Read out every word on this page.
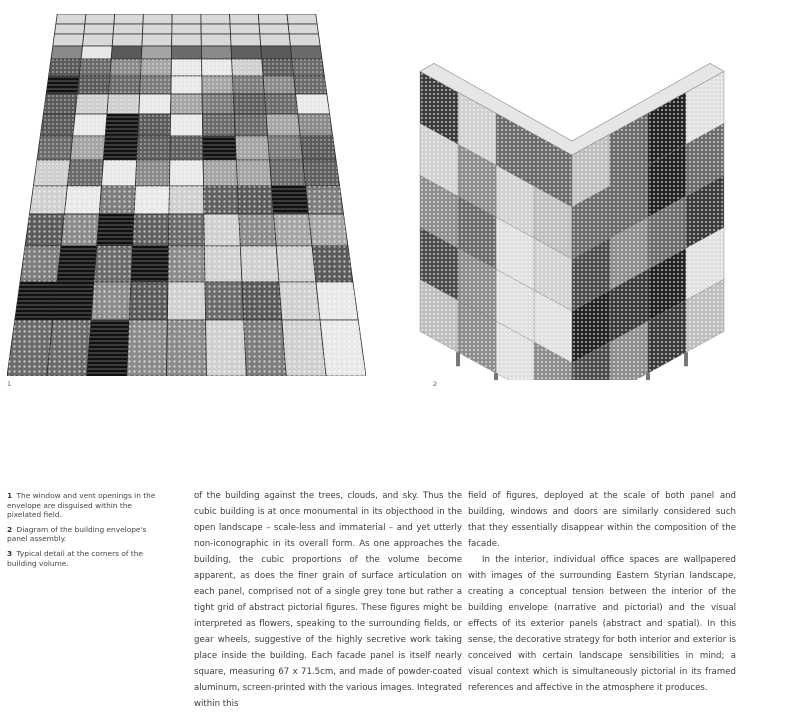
1	2

1 The window and vent openings in the envelope are disguised within the pixelated field.

2 Diagram of the building envelope's panel assembly.

3 Typical detail at the corners of the building volume.

of the building against the trees, clouds, and sky. Thus the cubic building is at once monumental in its objecthood in the open landscape – scale-less and immaterial – and yet utterly non-iconographic in its overall form. As one approaches the building, the cubic proportions of the volume become apparent, as does the finer grain of surface articulation on each panel, comprised not of a single grey tone but rather a tight grid of abstract pictorial figures. These figures might be interpreted as flowers, speaking to the surrounding fields, or gear wheels, suggestive of the highly secretive work taking place inside the building. Each facade panel is itself nearly square, measuring 67 x 71.5cm, and made of powder-coated aluminum, screen-printed with the various images. Integrated within this

field of figures, deployed at the scale of both panel and building, windows and doors are similarly considered such that they essentially disappear within the composition of the facade.

In the interior, individual office spaces are wallpapered with images of the surrounding Eastern Styrian landscape, creating a conceptual tension between the interior of the building envelope (narrative and pictorial) and the visual effects of its exterior panels (abstract and spatial). In this sense, the decorative strategy for both interior and exterior is conceived with certain landscape sensibilities in mind; a visual context which is simultaneously pictorial in its framed references and affective in the atmosphere it produces.
